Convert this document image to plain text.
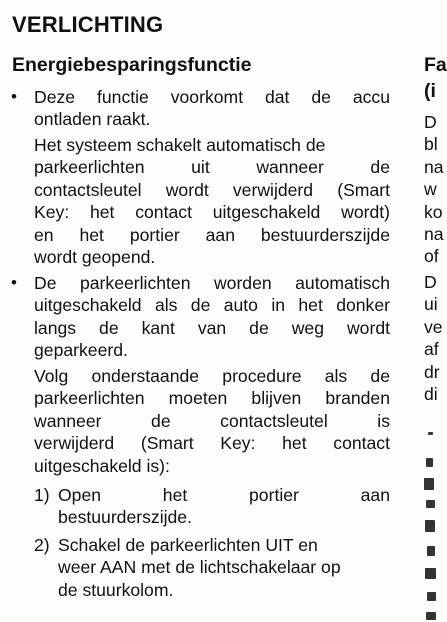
VERLICHTING
Energiebesparingsfunctie
• Deze functie voorkomt dat de accu
ontladen raakt.
Het systeem schakelt automatisch de
parkeerlichten uit wanneer de
contactsleutel wordt verwijderd (Smart
Key: het contact uitgeschakeld wordt)
en het portier aan bestuurderszijde
wordt geopend.
• De parkeerlichten worden automatisch
uitgeschakeld als de auto in het donker
langs de kant van de weg wordt
geparkeerd.
Volg onderstaande procedure als de
parkeerlichten moeten blijven branden
wanneer de contactsleutel is
verwijderd (Smart Key: het contact
uitgeschakeld is):
1) Open het portier aan
bestuurderszijde.
2) Schakel de parkeerlichten UIT en
weer AAN met de lichtschakelaar op
de stuurkolom.
Fa
(i
D
bl
na
w
ko
na
of
D
ui
ve
af
dr
di
